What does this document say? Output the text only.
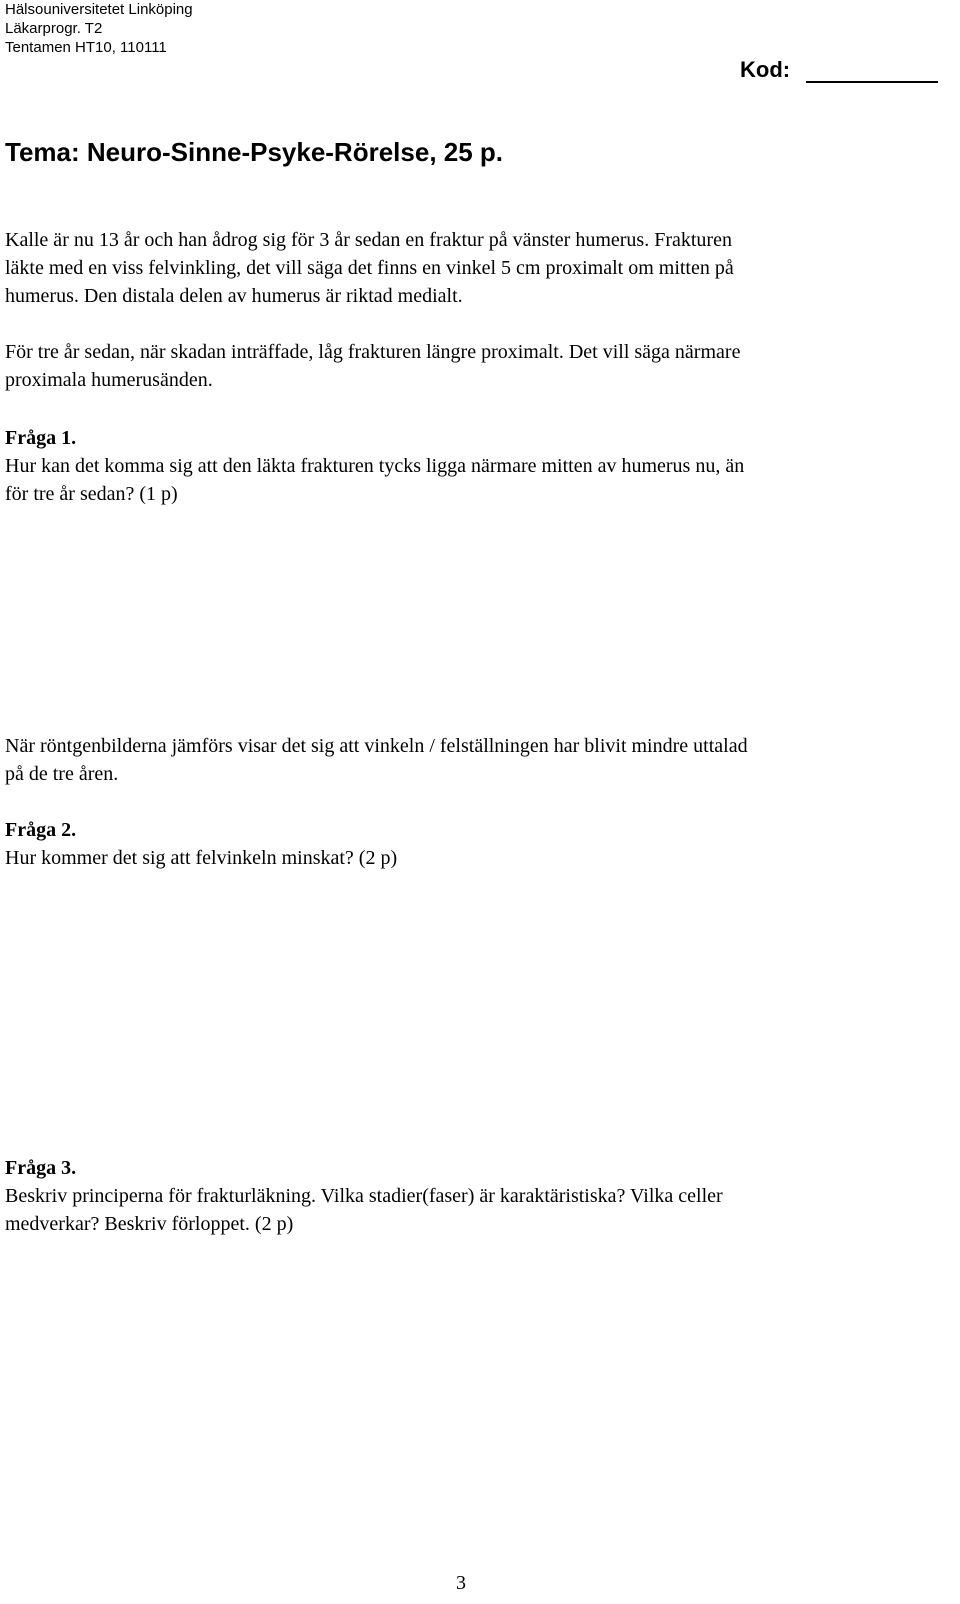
Hälsouniversitetet Linköping
Läkarprogr. T2
Tentamen HT10, 110111
Kod:
Tema: Neuro-Sinne-Psyke-Rörelse, 25 p.
Kalle är nu 13 år och han ådrog sig för 3 år sedan en fraktur på vänster humerus. Frakturen
läkte med en viss felvinkling, det vill säga det finns en vinkel 5 cm proximalt om mitten på
humerus. Den distala delen av humerus är riktad medialt.
För tre år sedan, när skadan inträffade, låg frakturen längre proximalt. Det vill säga närmare
proximala humerusänden.
Fråga 1.
Hur kan det komma sig att den läkta frakturen tycks ligga närmare mitten av humerus nu, än
för tre år sedan? (1 p)
När röntgenbilderna jämförs visar det sig att vinkeln / felställningen har blivit mindre uttalad
på de tre åren.
Fråga 2.
Hur kommer det sig att felvinkeln minskat? (2 p)
Fråga 3.
Beskriv principerna för frakturläkning. Vilka stadier(faser) är karaktäristiska? Vilka celler
medverkar? Beskriv förloppet. (2 p)
3
